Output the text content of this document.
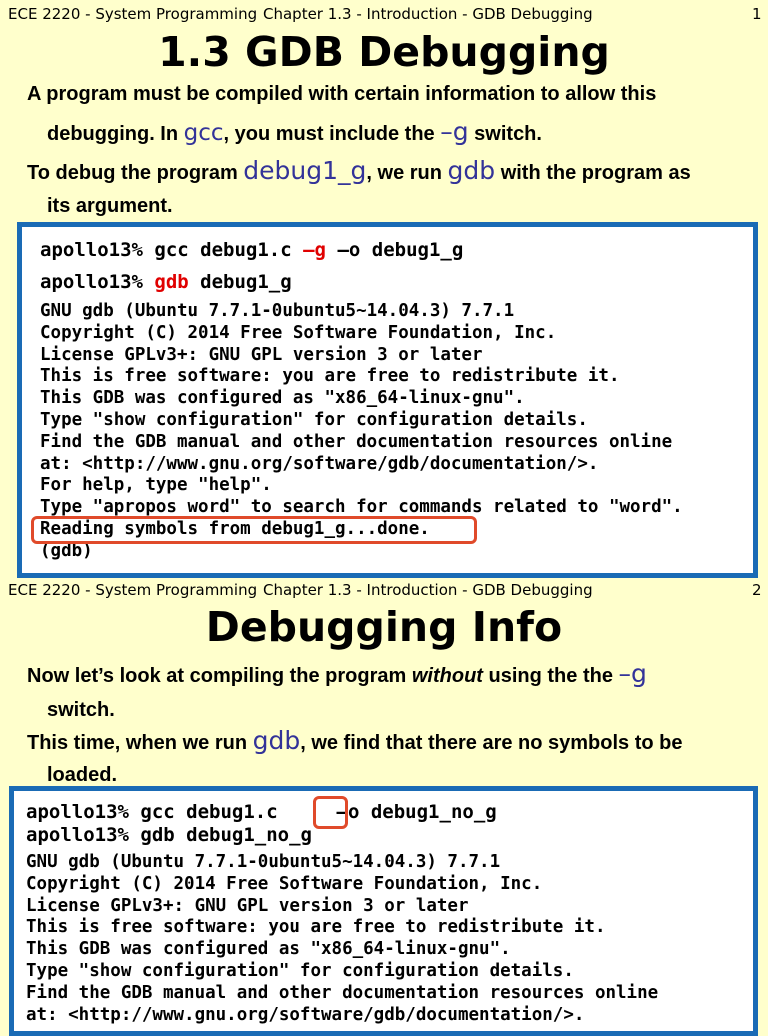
ECE 2220 - System Programming Chapter 1.3 - Introduction - GDB Debugging	1
1.3 GDB Debugging
A program must be compiled with certain information to allow this
debugging. In gcc, you must include the –g switch.
To debug the program debug1_g, we run gdb with the program as
its argument.
apollo13% gcc debug1.c –g –o debug1_g
apollo13% gdb debug1_g
GNU gdb (Ubuntu 7.7.1-0ubuntu5~14.04.3) 7.7.1
Copyright (C) 2014 Free Software Foundation, Inc.
License GPLv3+: GNU GPL version 3 or later
This is free software: you are free to redistribute it.
This GDB was configured as "x86_64-linux-gnu".
Type "show configuration" for configuration details.
Find the GDB manual and other documentation resources online
at: <http://www.gnu.org/software/gdb/documentation/>.
For help, type "help".
Type "apropos word" to search for commands related to "word".
Reading symbols from debug1_g...done.
(gdb)
ECE 2220 - System Programming Chapter 1.3 - Introduction - GDB Debugging	2
Debugging Info
Now let’s look at compiling the program without using the the –g
switch.
This time, when we run gdb, we find that there are no symbols to be
loaded.
apollo13% gcc debug1.c  –o debug1_no_g
apollo13% gdb debug1_no_g
GNU gdb (Ubuntu 7.7.1-0ubuntu5~14.04.3) 7.7.1
Copyright (C) 2014 Free Software Foundation, Inc.
License GPLv3+: GNU GPL version 3 or later
This is free software: you are free to redistribute it.
This GDB was configured as "x86_64-linux-gnu".
Type "show configuration" for configuration details.
Find the GDB manual and other documentation resources online
at: <http://www.gnu.org/software/gdb/documentation/>.
